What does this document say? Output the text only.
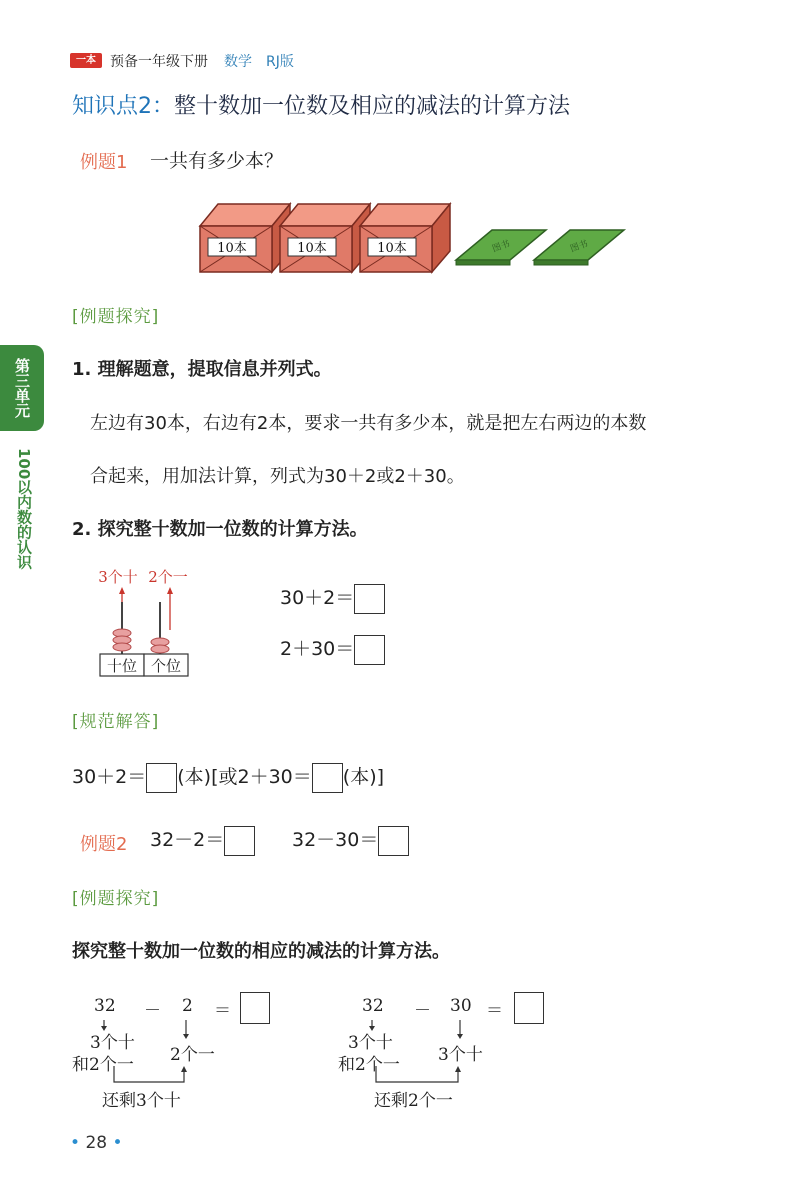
一本	预备一年级下册 数学 RJ版
第三单元
100以内数的认识
知识点2：整十数加一位数及相应的减法的计算方法
例题1 一共有多少本？
10本	10本	10本	图书	图书
[例题探究]
1. 理解题意，提取信息并列式。
左边有30本，右边有2本，要求一共有多少本，就是把左右两边的本数
合起来，用加法计算，列式为30＋2或2＋30。
2. 探究整十数加一位数的计算方法。
3个十 2个一
十位 个位
30＋2＝
2＋30＝
[规范解答]
30＋2＝ (本)[或2＋30＝ (本)]
例题2 32－2＝	32－30＝
[例题探究]
探究整十数加一位数的相应的减法的计算方法。
32 － 2 ＝
3个十
和2个一 2个一
还剩3个十
32 － 30 ＝
3个十
和2个一 3个十
还剩2个一
• 28 •
